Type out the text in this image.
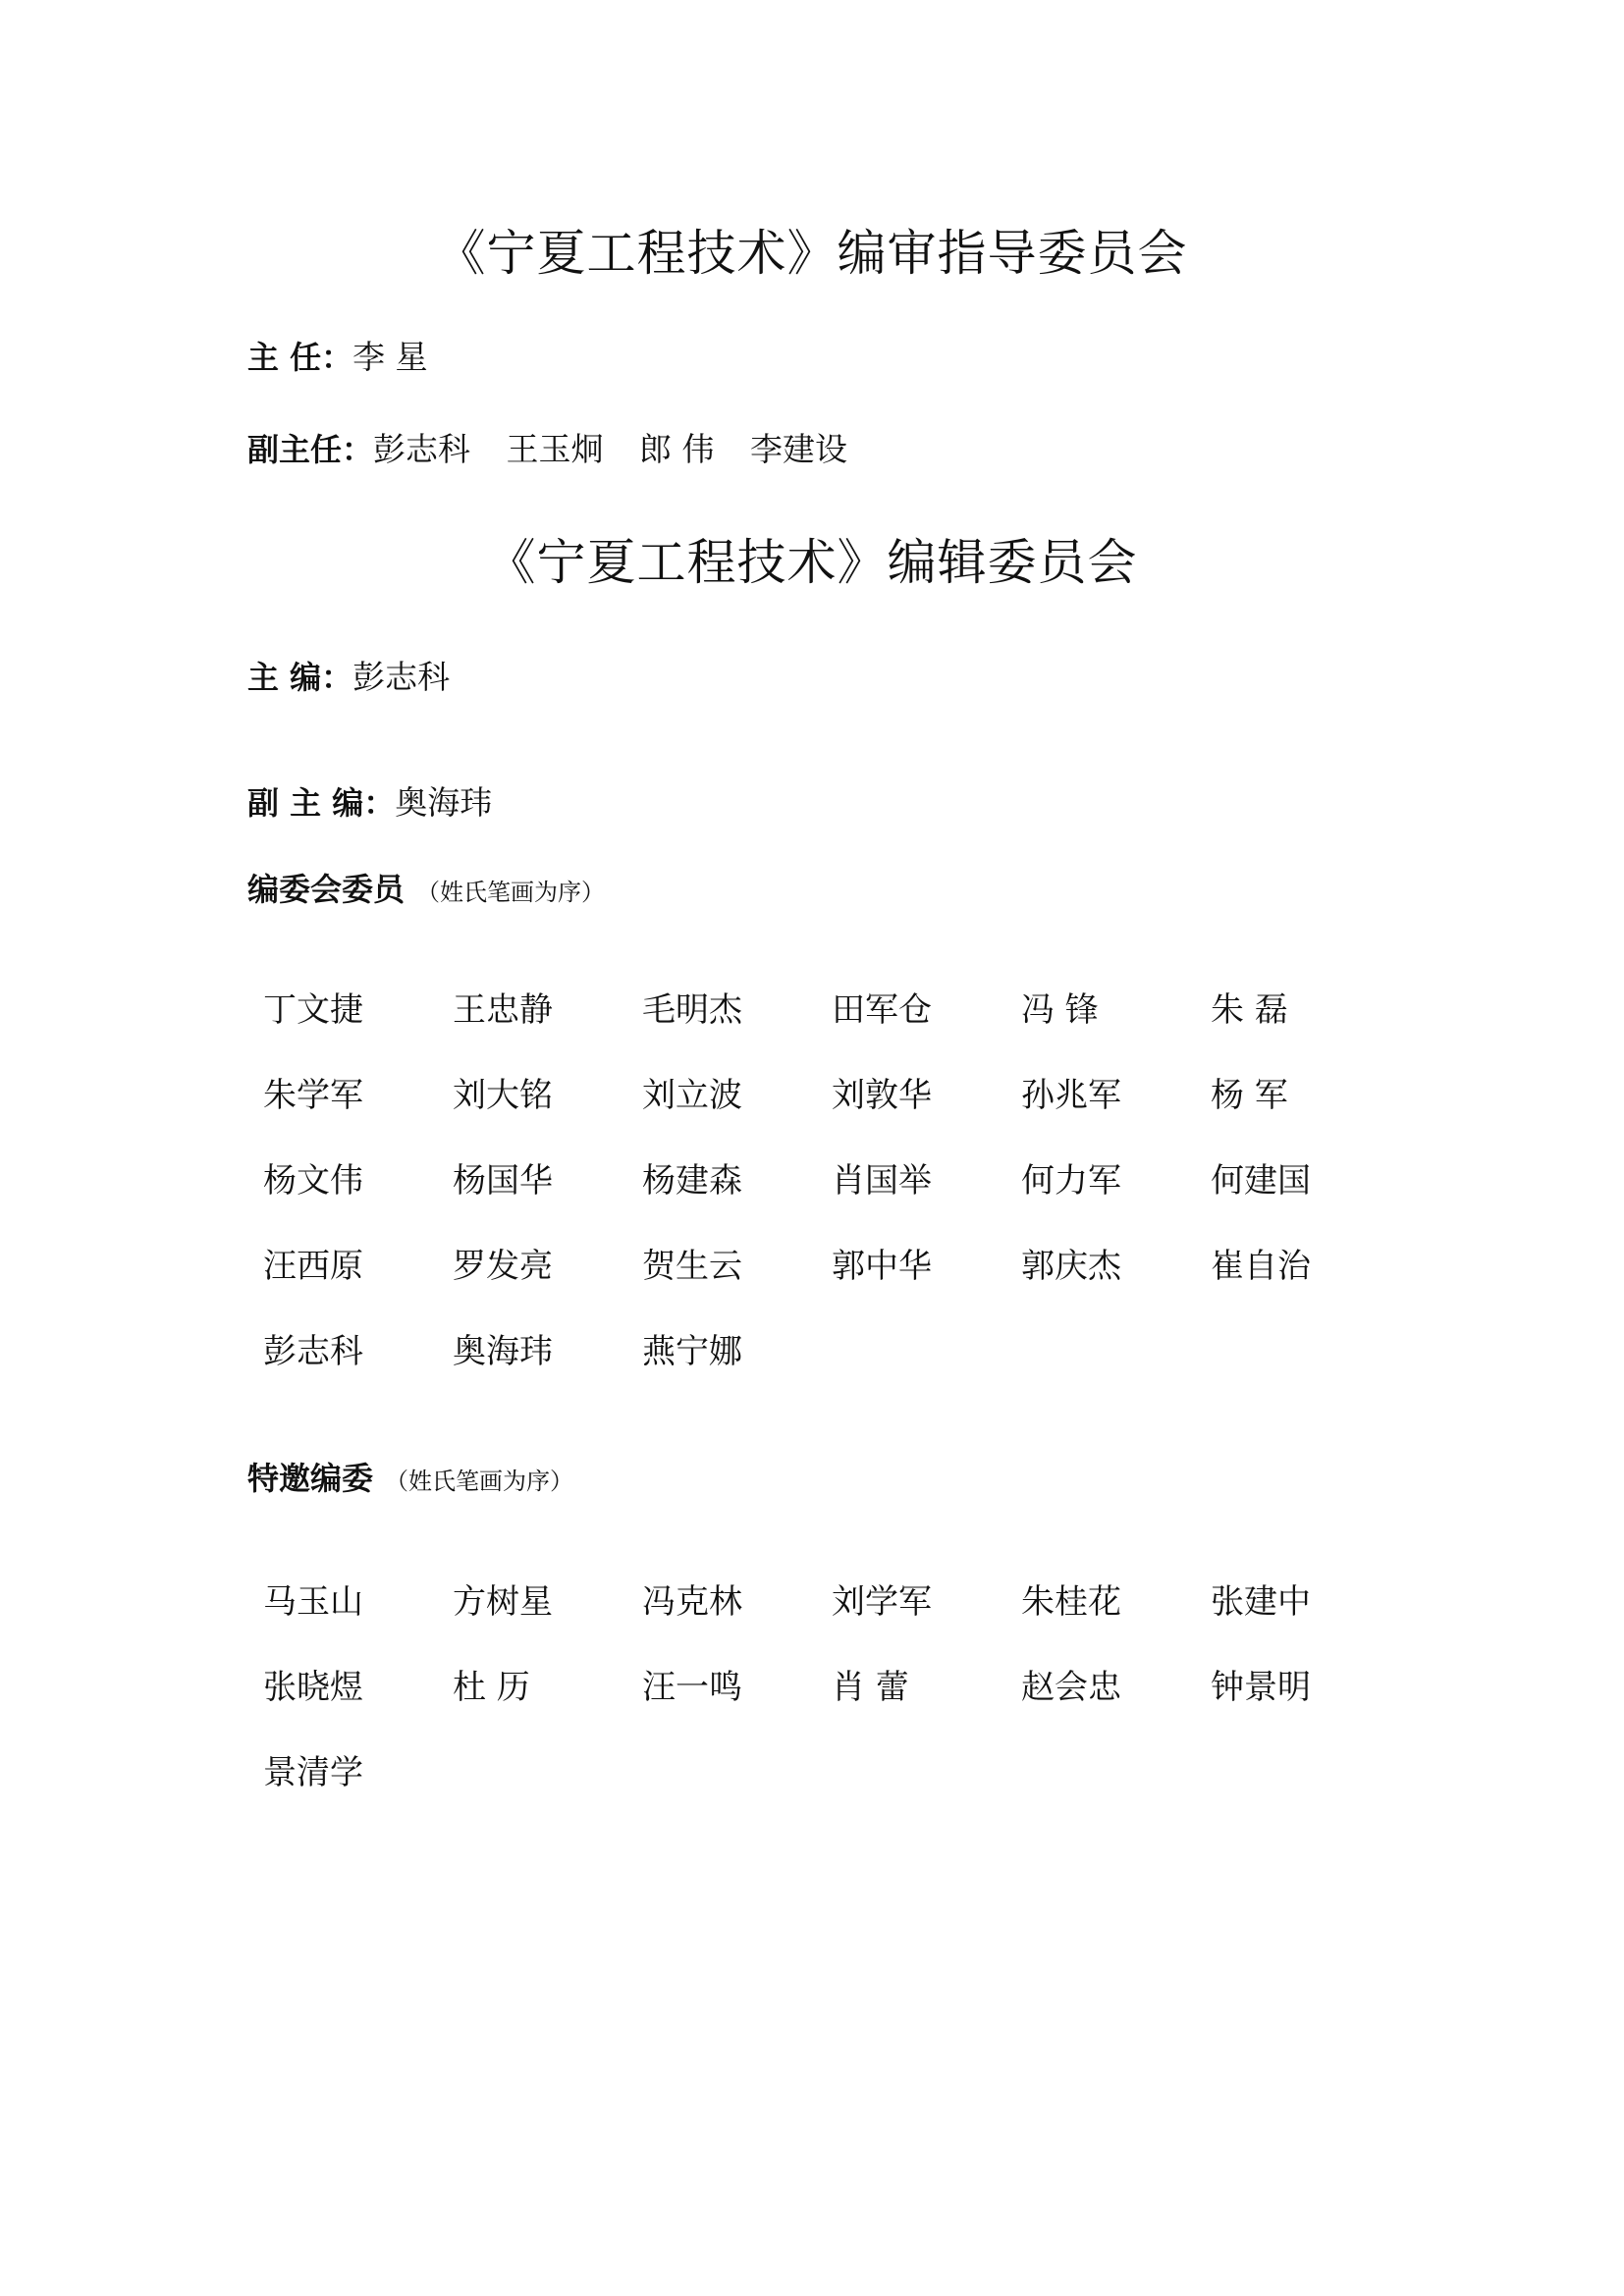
《宁夏工程技术》编审指导委员会
主 任：李 星
副主任：彭志科 王玉炯 郎 伟 李建设
《宁夏工程技术》编辑委员会
主 编：彭志科
副 主 编：奥海玮
编委会委员 （姓氏笔画为序）
丁文捷	王忠静	毛明杰	田军仓	冯 锋	朱 磊
朱学军	刘大铭	刘立波	刘敦华	孙兆军	杨 军
杨文伟	杨国华	杨建森	肖国举	何力军	何建国
汪西原	罗发亮	贺生云	郭中华	郭庆杰	崔自治
彭志科	奥海玮	燕宁娜
特邀编委 （姓氏笔画为序）
马玉山	方树星	冯克林	刘学军	朱桂花	张建中
张晓煜	杜 历	汪一鸣	肖 蕾	赵会忠	钟景明
景清学
